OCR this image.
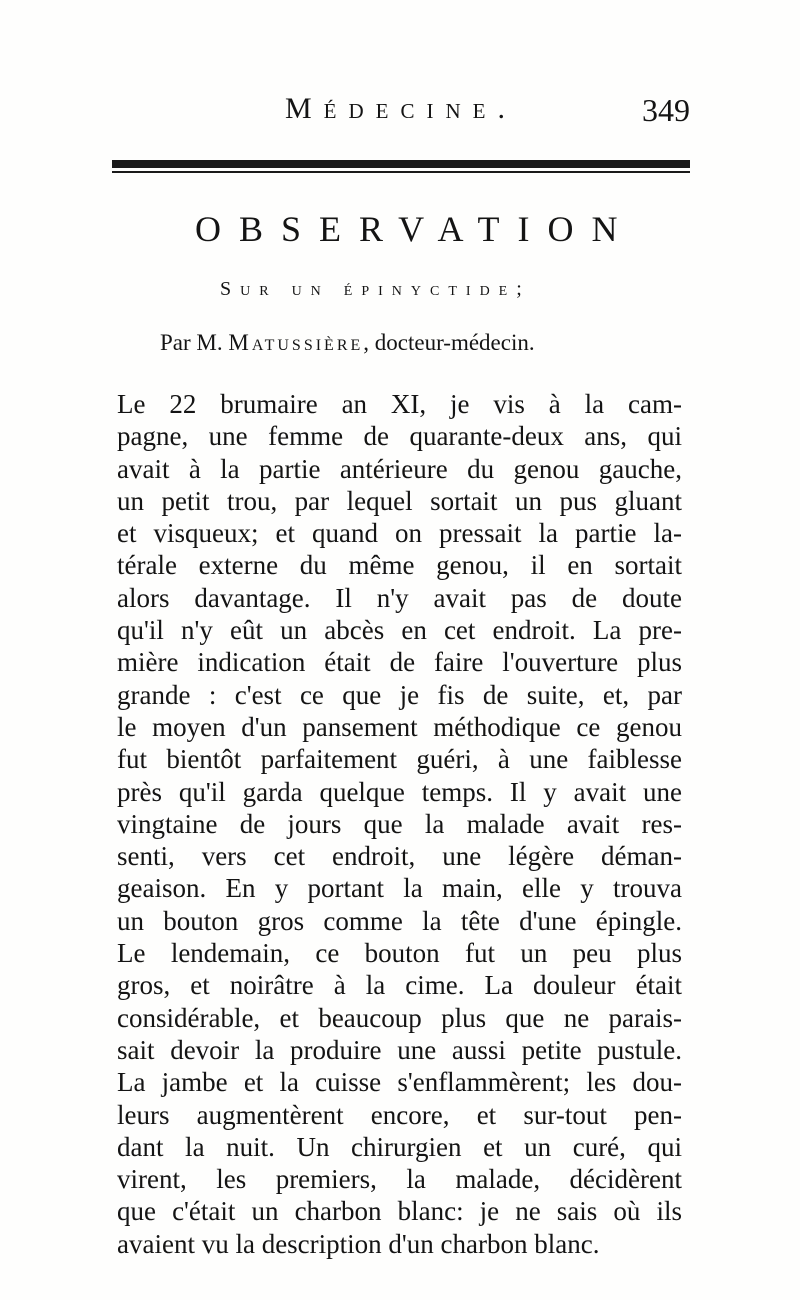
Médecine.	349
OBSERVATION
Sur un épinyctide;
Par M. Matussière, docteur-médecin.
Le 22 brumaire an XI, je vis à la cam-
pagne, une femme de quarante-deux ans, qui
avait à la partie antérieure du genou gauche,
un petit trou, par lequel sortait un pus gluant
et visqueux; et quand on pressait la partie la-
térale externe du même genou, il en sortait
alors davantage. Il n'y avait pas de doute
qu'il n'y eût un abcès en cet endroit. La pre-
mière indication était de faire l'ouverture plus
grande : c'est ce que je fis de suite, et, par
le moyen d'un pansement méthodique ce genou
fut bientôt parfaitement guéri, à une faiblesse
près qu'il garda quelque temps. Il y avait une
vingtaine de jours que la malade avait res-
senti, vers cet endroit, une légère déman-
geaison. En y portant la main, elle y trouva
un bouton gros comme la tête d'une épingle.
Le lendemain, ce bouton fut un peu plus
gros, et noirâtre à la cime. La douleur était
considérable, et beaucoup plus que ne parais-
sait devoir la produire une aussi petite pustule.
La jambe et la cuisse s'enflammèrent; les dou-
leurs augmentèrent encore, et sur-tout pen-
dant la nuit. Un chirurgien et un curé, qui
virent, les premiers, la malade, décidèrent
que c'était un charbon blanc: je ne sais où ils
avaient vu la description d'un charbon blanc.
